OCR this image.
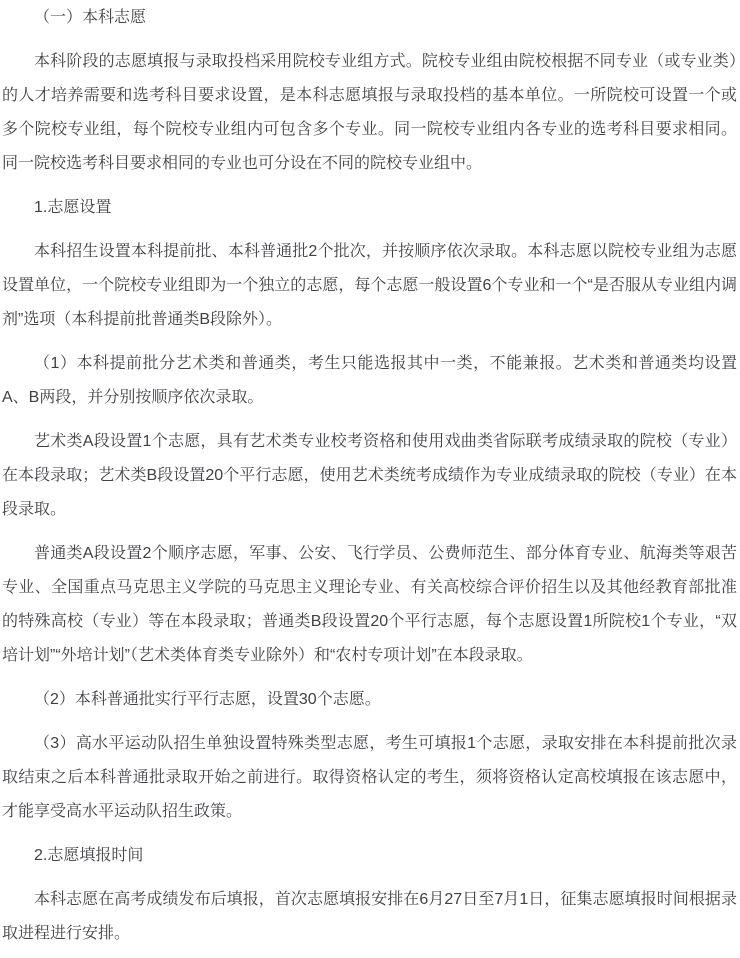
（一）本科志愿

本科阶段的志愿填报与录取投档采用院校专业组方式。院校专业组由院校根据不同专业（或专业类）的人才培养需要和选考科目要求设置，是本科志愿填报与录取投档的基本单位。一所院校可设置一个或多个院校专业组，每个院校专业组内可包含多个专业。同一院校专业组内各专业的选考科目要求相同。同一院校选考科目要求相同的专业也可分设在不同的院校专业组中。

1.志愿设置

本科招生设置本科提前批、本科普通批2个批次，并按顺序依次录取。本科志愿以院校专业组为志愿设置单位，一个院校专业组即为一个独立的志愿，每个志愿一般设置6个专业和一个“是否服从专业组内调剂”选项（本科提前批普通类B段除外）。

（1）本科提前批分艺术类和普通类，考生只能选报其中一类，不能兼报。艺术类和普通类均设置A、B两段，并分别按顺序依次录取。

艺术类A段设置1个志愿，具有艺术类专业校考资格和使用戏曲类省际联考成绩录取的院校（专业）在本段录取；艺术类B段设置20个平行志愿，使用艺术类统考成绩作为专业成绩录取的院校（专业）在本段录取。

普通类A段设置2个顺序志愿，军事、公安、飞行学员、公费师范生、部分体育专业、航海类等艰苦专业、全国重点马克思主义学院的马克思主义理论专业、有关高校综合评价招生以及其他经教育部批准的特殊高校（专业）等在本段录取；普通类B段设置20个平行志愿，每个志愿设置1所院校1个专业，“双培计划”“外培计划”（艺术类体育类专业除外）和“农村专项计划”在本段录取。

（2）本科普通批实行平行志愿，设置30个志愿。

（3）高水平运动队招生单独设置特殊类型志愿，考生可填报1个志愿，录取安排在本科提前批次录取结束之后本科普通批录取开始之前进行。取得资格认定的考生，须将资格认定高校填报在该志愿中，才能享受高水平运动队招生政策。

2.志愿填报时间

本科志愿在高考成绩发布后填报，首次志愿填报安排在6月27日至7月1日，征集志愿填报时间根据录取进程进行安排。
